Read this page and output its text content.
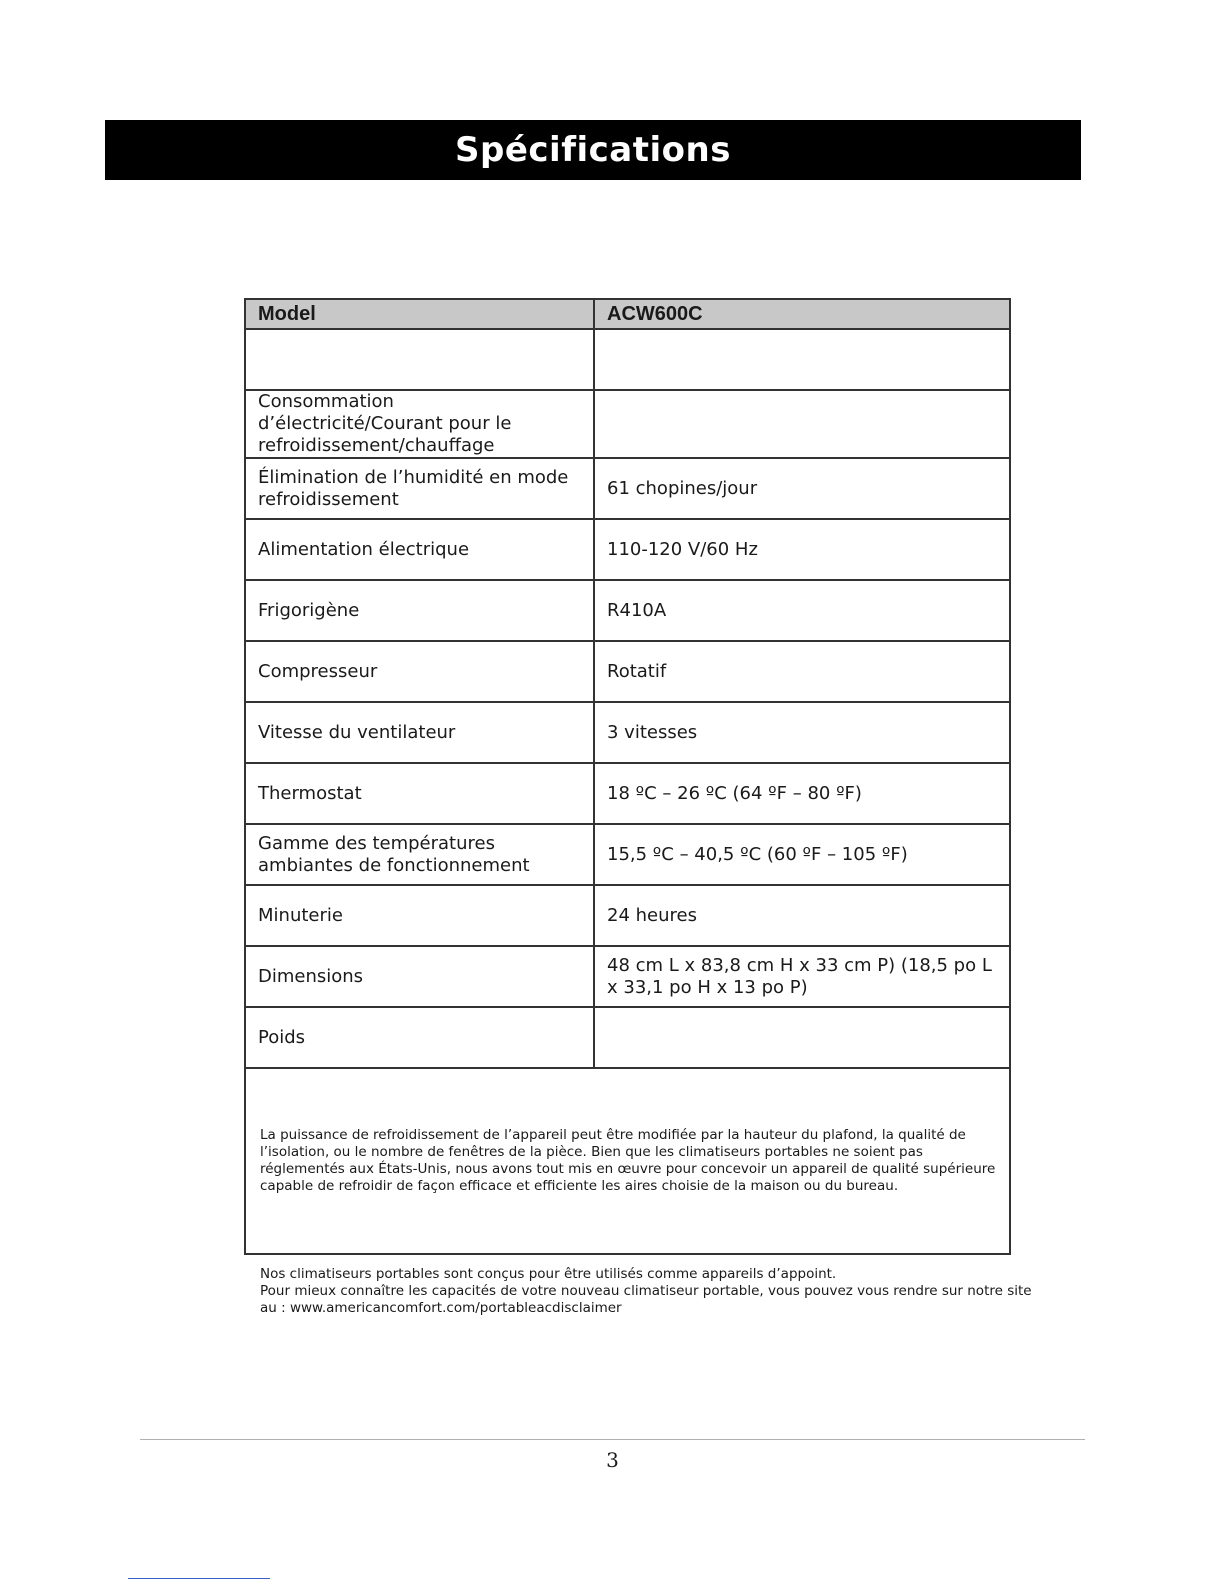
Spécifications
Model	ACW600C

Consommation d’électricité/Courant pour le refroidissement/chauffage	
Élimination de l’humidité en mode refroidissement	61 chopines/jour
Alimentation électrique	110-120 V/60 Hz
Frigorigène	R410A
Compresseur	Rotatif
Vitesse du ventilateur	3 vitesses
Thermostat	18 ºC – 26 ºC (64 ºF – 80 ºF)
Gamme des températures ambiantes de fonctionnement	15,5 ºC – 40,5 ºC (60 ºF – 105 ºF)
Minuterie	24 heures
Dimensions	48 cm L x 83,8 cm H x 33 cm P) (18,5 po L x 33,1 po H x 13 po P)
Poids	
La puissance de refroidissement de l’appareil peut être modifiée par la hauteur du plafond, la qualité de l’isolation, ou le nombre de fenêtres de la pièce. Bien que les climatiseurs portables ne soient pas réglementés aux États-Unis, nous avons tout mis en œuvre pour concevoir un appareil de qualité supérieure capable de refroidir de façon efficace et efficiente les aires choisie de la maison ou du bureau.	

Nos climatiseurs portables sont conçus pour être utilisés comme appareils d’appoint.

Pour mieux connaître les capacités de votre nouveau climatiseur portable, vous pouvez vous rendre sur notre site au : www.americancomfort.com/portableacdisclaimer

3
